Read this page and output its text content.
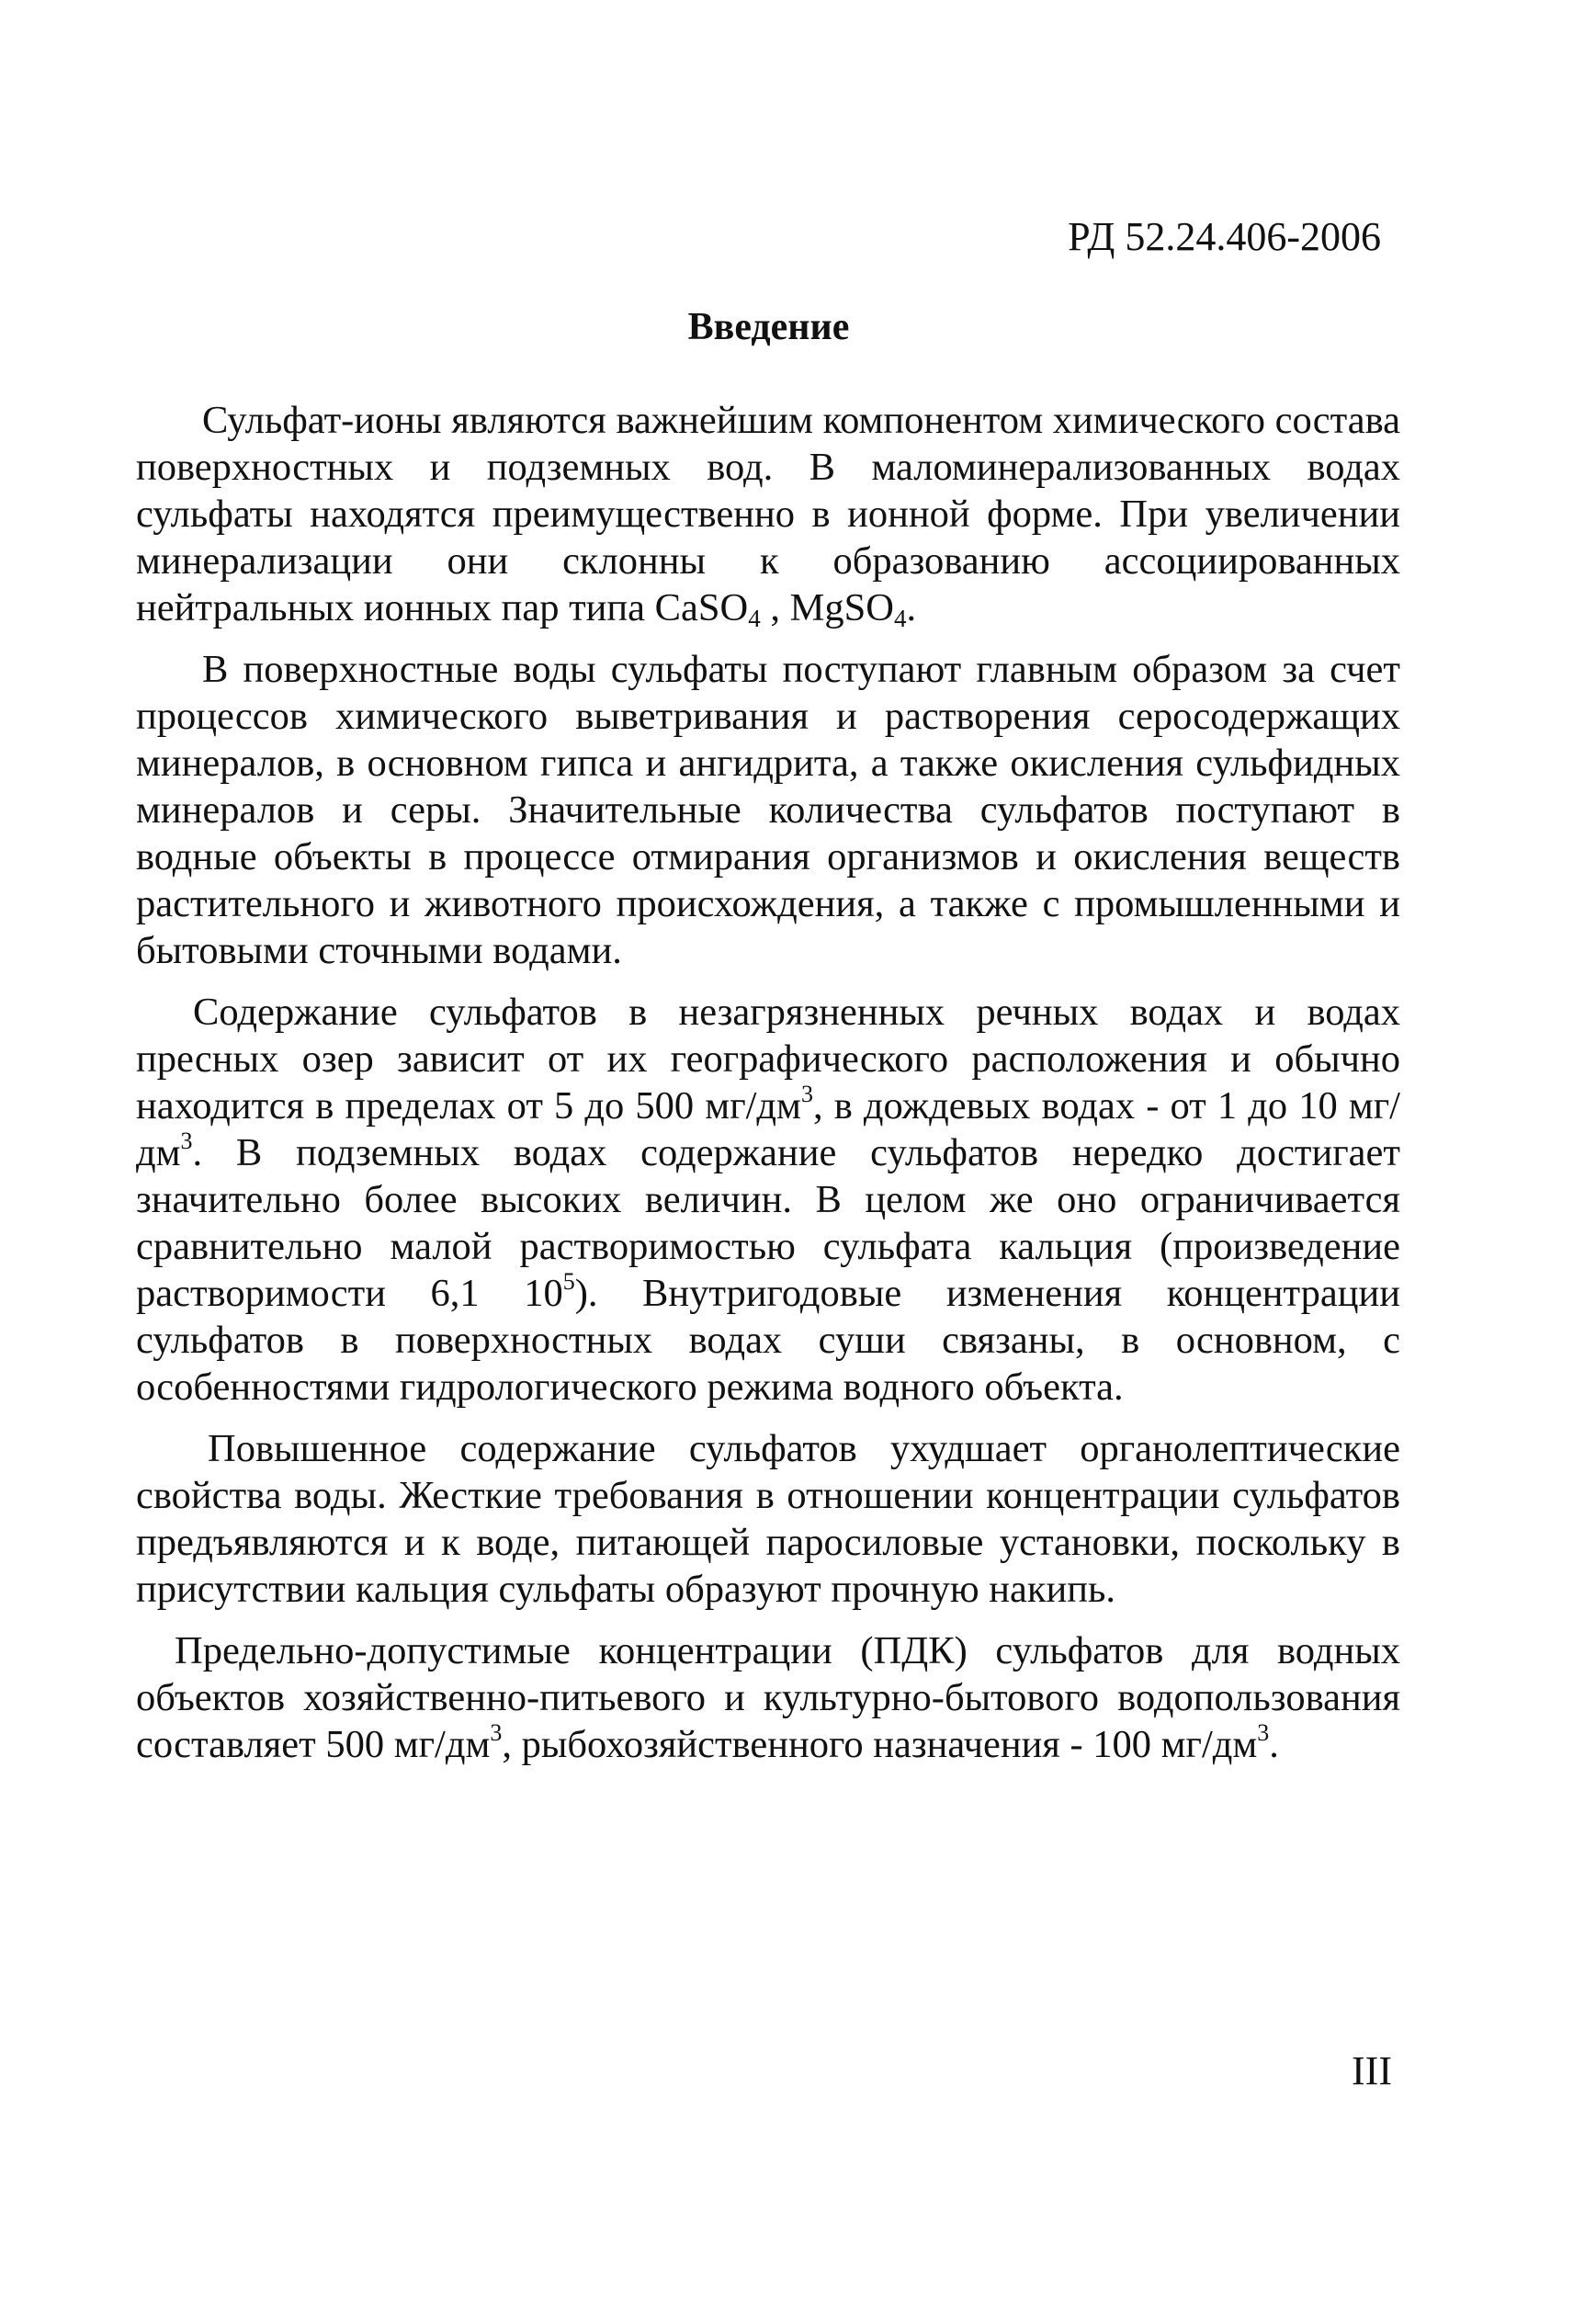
РД 52.24.406-2006
Введение

Сульфат-ионы являются важнейшим компонентом химического состава поверхностных и подземных вод. В маломинерализованных водах сульфаты находятся преимущественно в ионной форме. При увеличении минерализации они склонны к образованию ассоциированных нейтральных ионных пар типа CaSO$_4$ , MgSO$_4$.

В поверхностные воды сульфаты поступают главным образом за счет процессов химического выветривания и растворения серосодержащих минералов, в основном гипса и ангидрита, а также окисления сульфидных минералов и серы. Значительные количества сульфатов поступают в водные объекты в процессе отмирания организмов и окисления веществ растительного и животного происхождения, а также с промышленными и бытовыми сточными водами.

Содержание сульфатов в незагрязненных речных водах и водах пресных озер зависит от их географического расположения и обычно находится в пределах от 5 до 500 $мг/дм^3$, в дождевых водах - от 1 до 10 $мг/дм^3$. В подземных водах содержание сульфатов нередко достигает значительно более высоких величин. В целом же оно ограничивается сравнительно малой растворимостью сульфата кальция (произведение растворимости 6,1 $10^5$). Внутригодовые изменения концентрации сульфатов в поверхностных водах суши связаны, в основном, с особенностями гидрологического режима водного объекта.

Повышенное содержание сульфатов ухудшает органолептические свойства воды. Жесткие требования в отношении концентрации сульфатов предъявляются и к воде, питающей паросиловые установки, поскольку в присутствии кальция сульфаты образуют прочную накипь.

Предельно-допустимые концентрации (ПДК) сульфатов для водных объектов хозяйственно-питьевого и культурно-бытового водопользования составляет 500 $мг/дм^3$, рыбохозяйственного назначения - 100 $мг/дм^3$.

III
